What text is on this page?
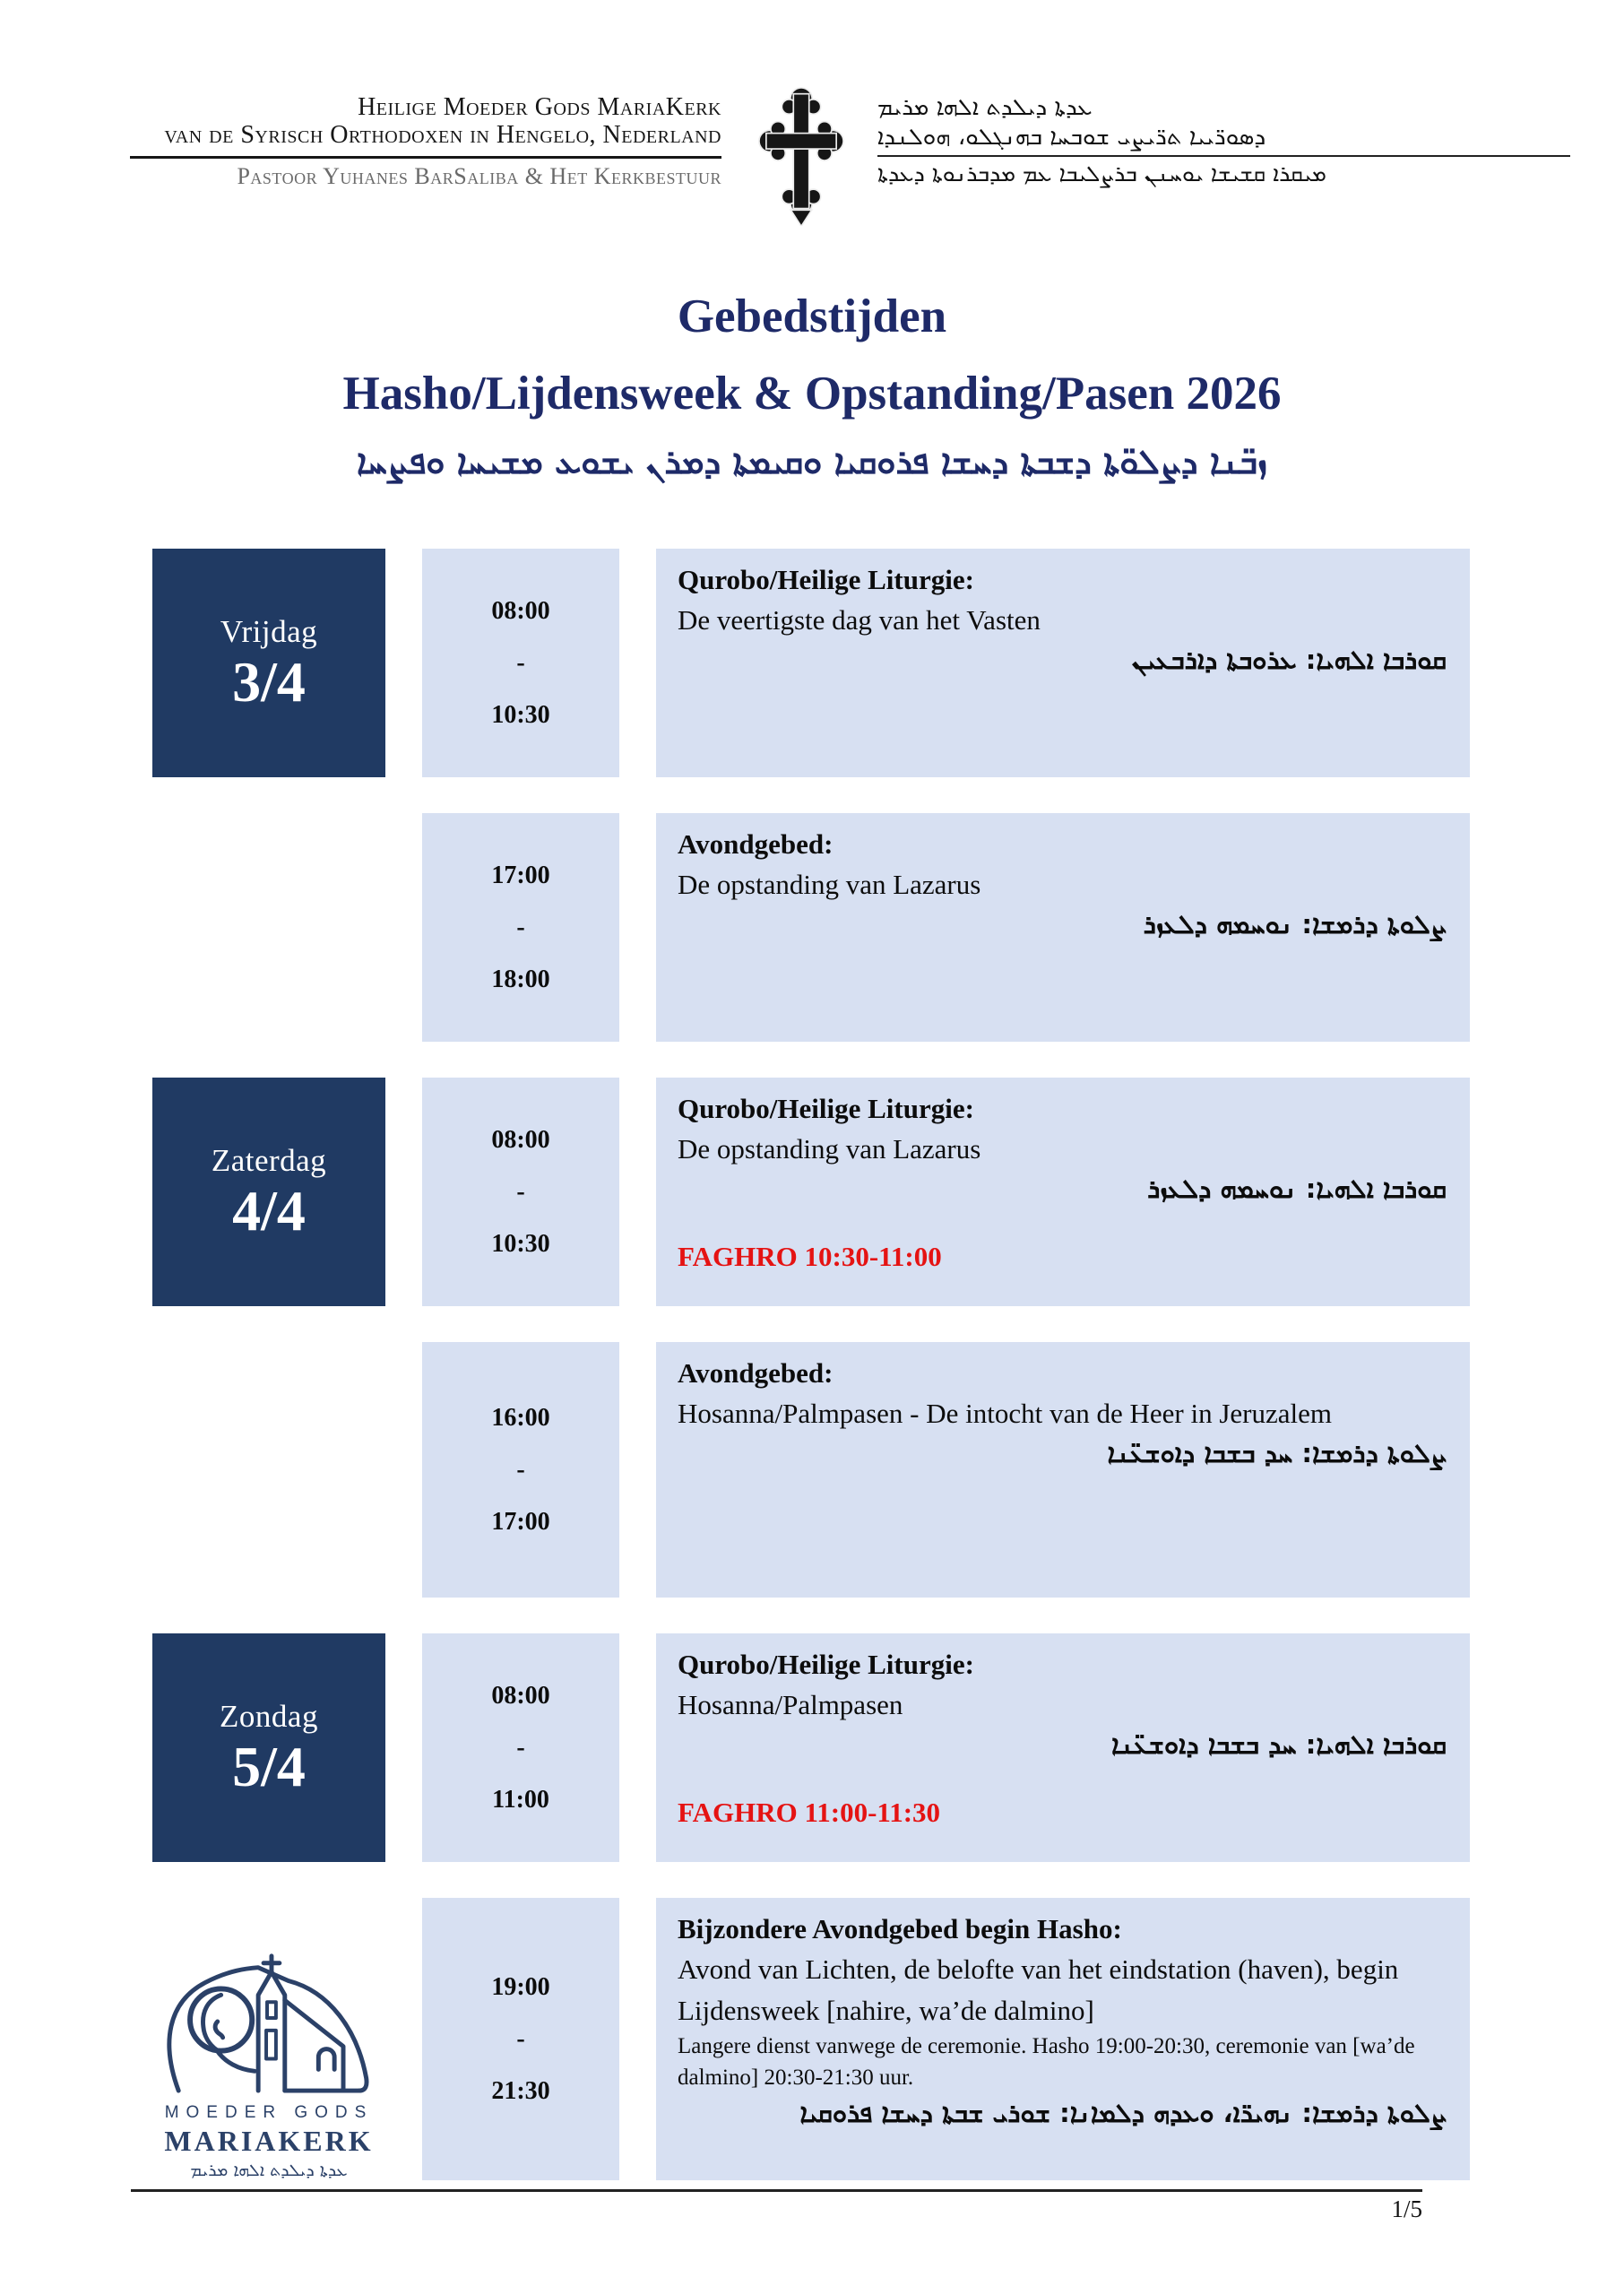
Heilige Moeder Gods MariaKerk
van de Syrisch Orthodoxen in Hengelo, Nederland
Pastoor Yuhanes BarSaliba & Het Kerkbestuur
ܥܕܬܐ ܕܝܠܕܬ ܐܠܗܐ ܡܪܝܡ
ܕܣܘܪ̈ܝܝܐ ܬܪ̈ܝܨܝ ܫܘܒܚܐ ܒܗܢܓܠܘ، ܗܘܠܢܕܐ
ܡܝܩܪܐ ܩܫܝܫܐ ܝܘܚܢܢ ܒܪܨܠܝܒܐ ܥܡ ܡܕܒܪܢܘܬܐ ܕܥܕܬܐ
Gebedstijden
Hasho/Lijdensweek & Opstanding/Pasen 2026
ܙܒ̈ܢܐ ܕܨܠܘ̈ܬܐ ܕܫܒܬܐ ܕܚܫܐ ܦܪܘܩܝܐ ܘܩܝܡܬܐ ܕܡܪܢ ܝܫܘܥ ܡܫܝܚܐ ܘܦܨܚܐ
Vrijdag
3/4
08:00
-
10:30
Qurobo/Heilige Liturgie:
De veertigste dag van het Vasten
ܩܘܪܒܐ ܐܠܗܝܐ: ܥܪܘܒܬܐ ܕܐܪܒܥܝܢ
17:00
-
18:00
Avondgebed:
De opstanding van Lazarus
ܨܠܘܬܐ ܕܪܡܫܐ: ܢܘܚܡܗ ܕܠܥܙܪ
Zaterdag
4/4
08:00
-
10:30
Qurobo/Heilige Liturgie:
De opstanding van Lazarus
ܩܘܪܒܐ ܐܠܗܝܐ: ܢܘܚܡܗ ܕܠܥܙܪ
FAGHRO 10:30-11:00
16:00
-
17:00
Avondgebed:
Hosanna/Palmpasen - De intocht van de Heer in Jeruzalem
ܨܠܘܬܐ ܕܪܡܫܐ: ܚܕ ܒܫܒܐ ܕܐܘܫܥ̈ܢܐ
Zondag
5/4
08:00
-
11:00
Qurobo/Heilige Liturgie:
Hosanna/Palmpasen
ܩܘܪܒܐ ܐܠܗܝܐ: ܚܕ ܒܫܒܐ ܕܐܘܫܥ̈ܢܐ
FAGHRO 11:00-11:30
MOEDER GODS
MARIAKERK
ܥܕܬܐ ܕܝܠܕܬ ܐܠܗܐ ܡܪܝܡ
19:00
-
21:30
Bijzondere Avondgebed begin Hasho:
Avond van Lichten, de belofte van het eindstation (haven), begin Lijdensweek [nahire, wa’de dalmino]
Langere dienst vanwege de ceremonie. Hasho 19:00-20:30, ceremonie van [wa’de dalmino] 20:30-21:30 uur.
ܨܠܘܬܐ ܕܪܡܫܐ: ܢܗܝܪ̈ܐ، ܘܥܕܗ ܕܠܡܐܢܐ: ܫܘܪܝ ܫܒܬܐ ܕܚܫܐ ܦܪܘܩܝܐ
1/5
